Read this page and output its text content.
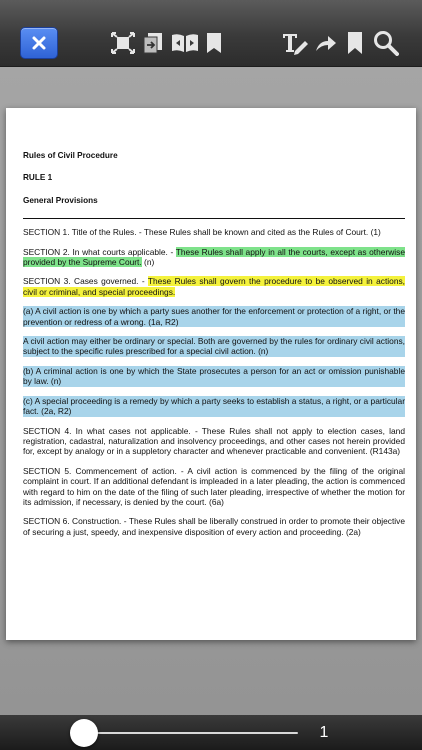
Rules of Civil Procedure
RULE 1
General Provisions

SECTION 1. Title of the Rules. - These Rules shall be known and cited as the Rules of Court. (1)

SECTION 2. In what courts applicable. - These Rules shall apply in all the courts, except as otherwise provided by the Supreme Court. (n)

SECTION 3. Cases governed. - These Rules shall govern the procedure to be observed in actions, civil or criminal, and special proceedings.

(a) A civil action is one by which a party sues another for the enforcement or protection of a right, or the prevention or redress of a wrong. (1a, R2)

A civil action may either be ordinary or special. Both are governed by the rules for ordinary civil actions, subject to the specific rules prescribed for a special civil action. (n)

(b) A criminal action is one by which the State prosecutes a person for an act or omission punishable by law. (n)

(c) A special proceeding is a remedy by which a party seeks to establish a status, a right, or a particular fact. (2a, R2)

SECTION 4. In what cases not applicable. - These Rules shall not apply to election cases, land registration, cadastral, naturalization and insolvency proceedings, and other cases not herein provided for, except by analogy or in a suppletory character and whenever practicable and convenient. (R143a)

SECTION 5. Commencement of action. - A civil action is commenced by the filing of the original complaint in court. If an additional defendant is impleaded in a later pleading, the action is commenced with regard to him on the date of the filing of such later pleading, irrespective of whether the motion for its admission, if necessary, is denied by the court. (6a)

SECTION 6. Construction. - These Rules shall be liberally construed in order to promote their objective of securing a just, speedy, and inexpensive disposition of every action and proceeding. (2a)

1
